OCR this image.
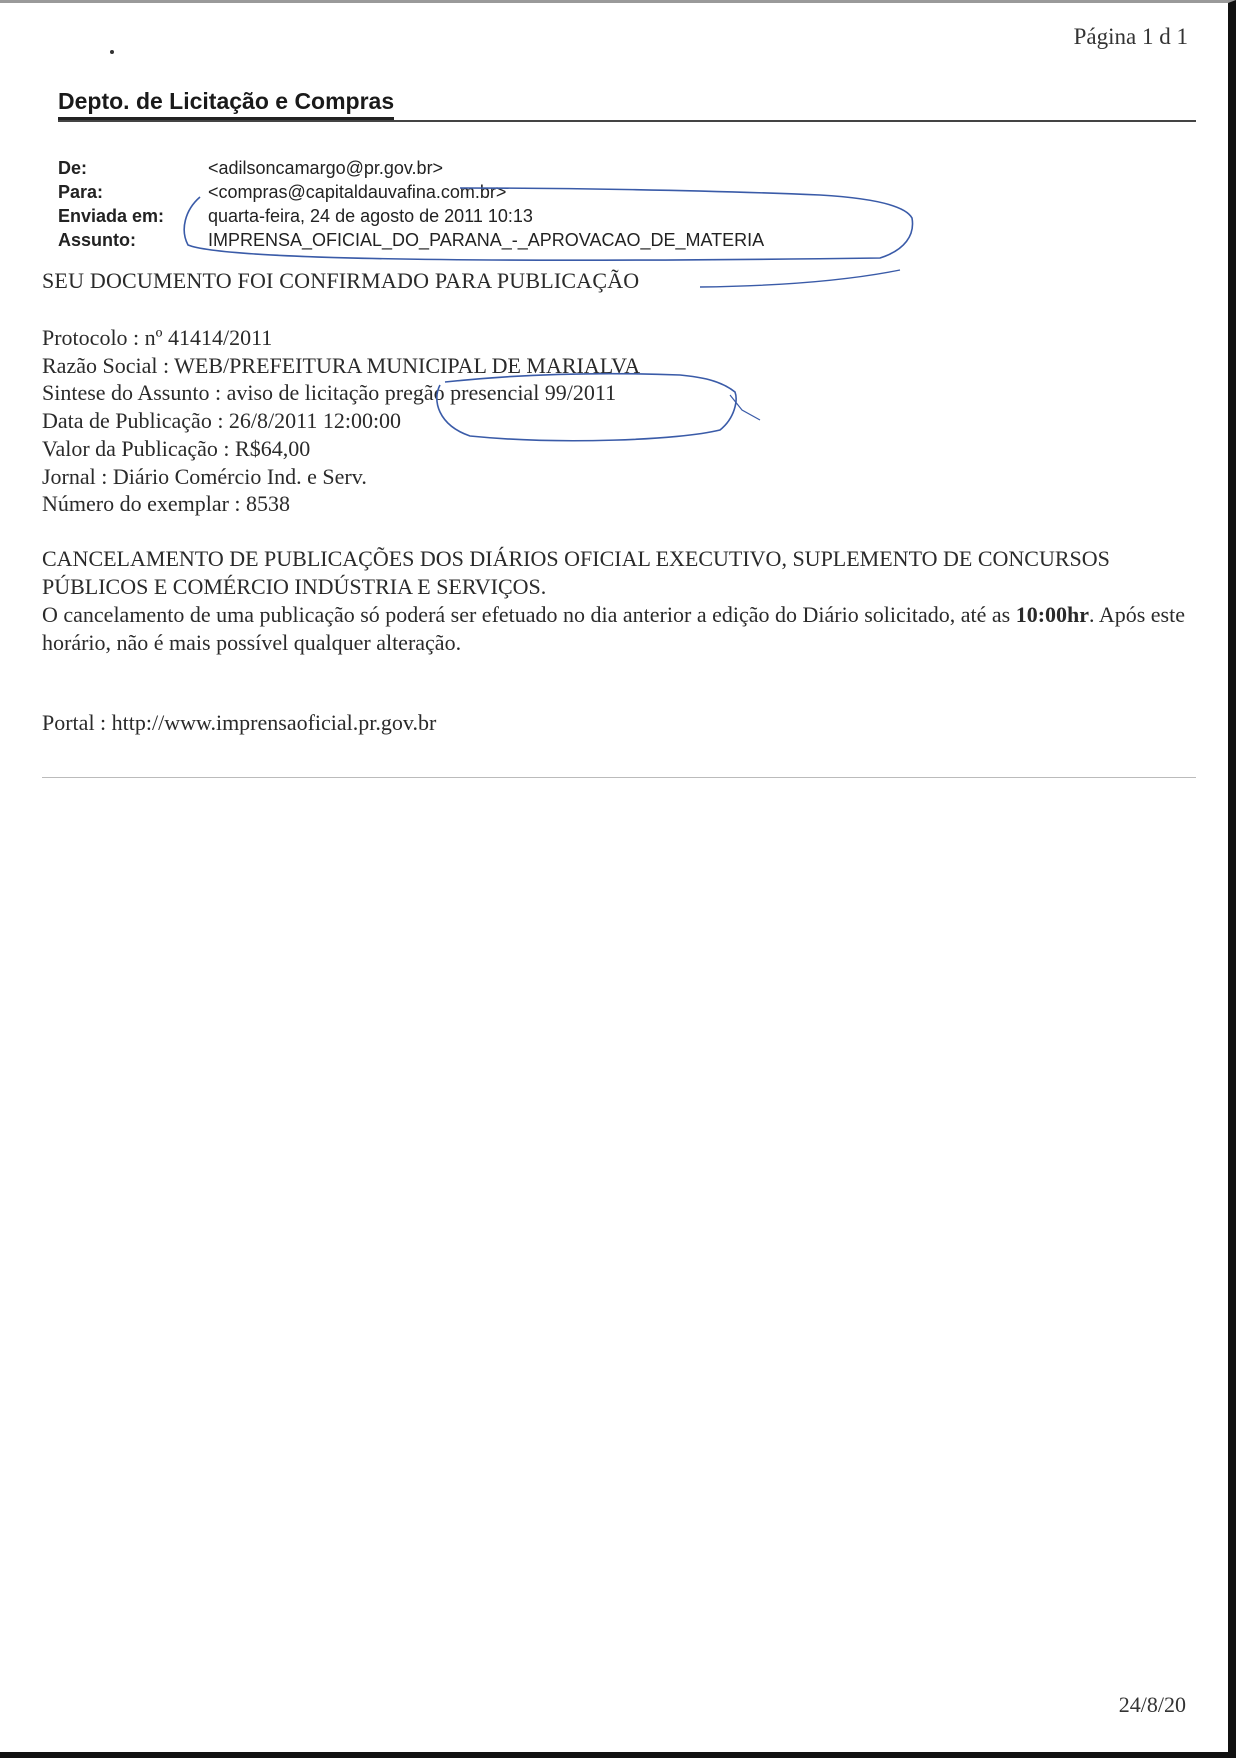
Página 1 d 1
Depto. de Licitação e Compras
De:	<adilsoncamargo@pr.gov.br>
Para:	<compras@capitaldauvafina.com.br>
Enviada em:	quarta-feira, 24 de agosto de 2011 10:13
Assunto:	IMPRENSA_OFICIAL_DO_PARANA_-_APROVACAO_DE_MATERIA
SEU DOCUMENTO FOI CONFIRMADO PARA PUBLICAÇÃO
Protocolo : nº 41414/2011
Razão Social : WEB/PREFEITURA MUNICIPAL DE MARIALVA
Sintese do Assunto : aviso de licitação pregão presencial 99/2011
Data de Publicação : 26/8/2011 12:00:00
Valor da Publicação : R$64,00
Jornal : Diário Comércio Ind. e Serv.
Número do exemplar : 8538

CANCELAMENTO DE PUBLICAÇÕES DOS DIÁRIOS OFICIAL EXECUTIVO, SUPLEMENTO DE CONCURSOS PÚBLICOS E COMÉRCIO INDÚSTRIA E SERVIÇOS.

O cancelamento de uma publicação só poderá ser efetuado no dia anterior a edição do Diário solicitado, até as 10:00hr. Após este horário, não é mais possível qualquer alteração.

Portal : http://www.imprensaoficial.pr.gov.br
24/8/20
